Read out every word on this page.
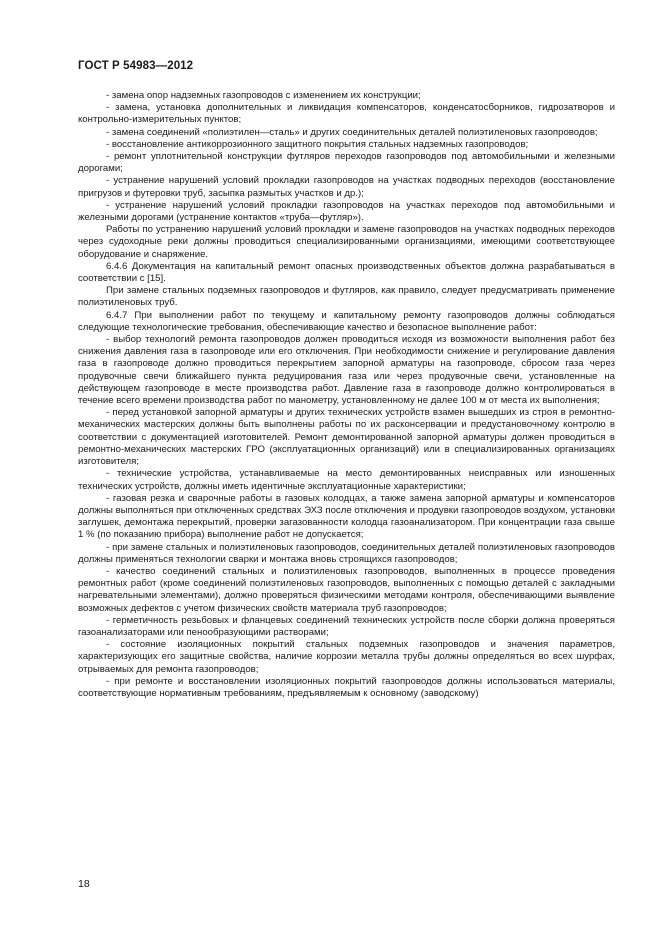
ГОСТ Р 54983—2012

- замена опор надземных газопроводов с изменением их конструкции;

- замена, установка дополнительных и ликвидация компенсаторов, конденсатосборников, гидрозатворов и контрольно-измерительных пунктов;

- замена соединений «полиэтилен—сталь» и других соединительных деталей полиэтиленовых газопроводов;

- восстановление антикоррозионного защитного покрытия стальных надземных газопроводов;

- ремонт уплотнительной конструкции футляров переходов газопроводов под автомобильными и железными дорогами;

- устранение нарушений условий прокладки газопроводов на участках подводных переходов (восстановление пригрузов и футеровки труб, засыпка размытых участков и др.);

- устранение нарушений условий прокладки газопроводов на участках переходов под автомобильными и железными дорогами (устранение контактов «труба—футляр»).

Работы по устранению нарушений условий прокладки и замене газопроводов на участках подводных переходов через судоходные реки должны проводиться специализированными организациями, имеющими соответствующее оборудование и снаряжение.

6.4.6 Документация на капитальный ремонт опасных производственных объектов должна разрабатываться в соответствии с [15].

При замене стальных подземных газопроводов и футляров, как правило, следует предусматривать применение полиэтиленовых труб.

6.4.7 При выполнении работ по текущему и капитальному ремонту газопроводов должны соблюдаться следующие технологические требования, обеспечивающие качество и безопасное выполнение работ:

- выбор технологий ремонта газопроводов должен проводиться исходя из возможности выполнения работ без снижения давления газа в газопроводе или его отключения. При необходимости снижение и регулирование давления газа в газопроводе должно проводиться перекрытием запорной арматуры на газопроводе, сбросом газа через продувочные свечи ближайшего пункта редуцирования газа или через продувочные свечи, установленные на действующем газопроводе в месте производства работ. Давление газа в газопроводе должно контролироваться в течение всего времени производства работ по манометру, установленному не далее 100 м от места их выполнения;

- перед установкой запорной арматуры и других технических устройств взамен вышедших из строя в ремонтно-механических мастерских должны быть выполнены работы по их расконсервации и предустановочному контролю в соответствии с документацией изготовителей. Ремонт демонтированной запорной арматуры должен проводиться в ремонтно-механических мастерских ГРО (эксплуатационных организаций) или в специализированных организациях изготовителя;

- технические устройства, устанавливаемые на место демонтированных неисправных или изношенных технических устройств, должны иметь идентичные эксплуатационные характеристики;

- газовая резка и сварочные работы в газовых колодцах, а также замена запорной арматуры и компенсаторов должны выполняться при отключенных средствах ЭХЗ после отключения и продувки газопроводов воздухом, установки заглушек, демонтажа перекрытий, проверки загазованности колодца газоанализатором. При концентрации газа свыше 1 % (по показанию прибора) выполнение работ не допускается;

- при замене стальных и полиэтиленовых газопроводов, соединительных деталей полиэтиленовых газопроводов должны применяться технологии сварки и монтажа вновь строящихся газопроводов;

- качество соединений стальных и полиэтиленовых газопроводов, выполненных в процессе проведения ремонтных работ (кроме соединений полиэтиленовых газопроводов, выполненных с помощью деталей с закладными нагревательными элементами), должно проверяться физическими методами контроля, обеспечивающими выявление возможных дефектов с учетом физических свойств материала труб газопроводов;

- герметичность резьбовых и фланцевых соединений технических устройств после сборки должна проверяться газоанализаторами или пенообразующими растворами;

- состояние изоляционных покрытий стальных подземных газопроводов и значения параметров, характеризующих его защитные свойства, наличие коррозии металла трубы должны определяться во всех шурфах, отрываемых для ремонта газопроводов;

- при ремонте и восстановлении изоляционных покрытий газопроводов должны использоваться материалы, соответствующие нормативным требованиям, предъявляемым к основному (заводскому)

18
